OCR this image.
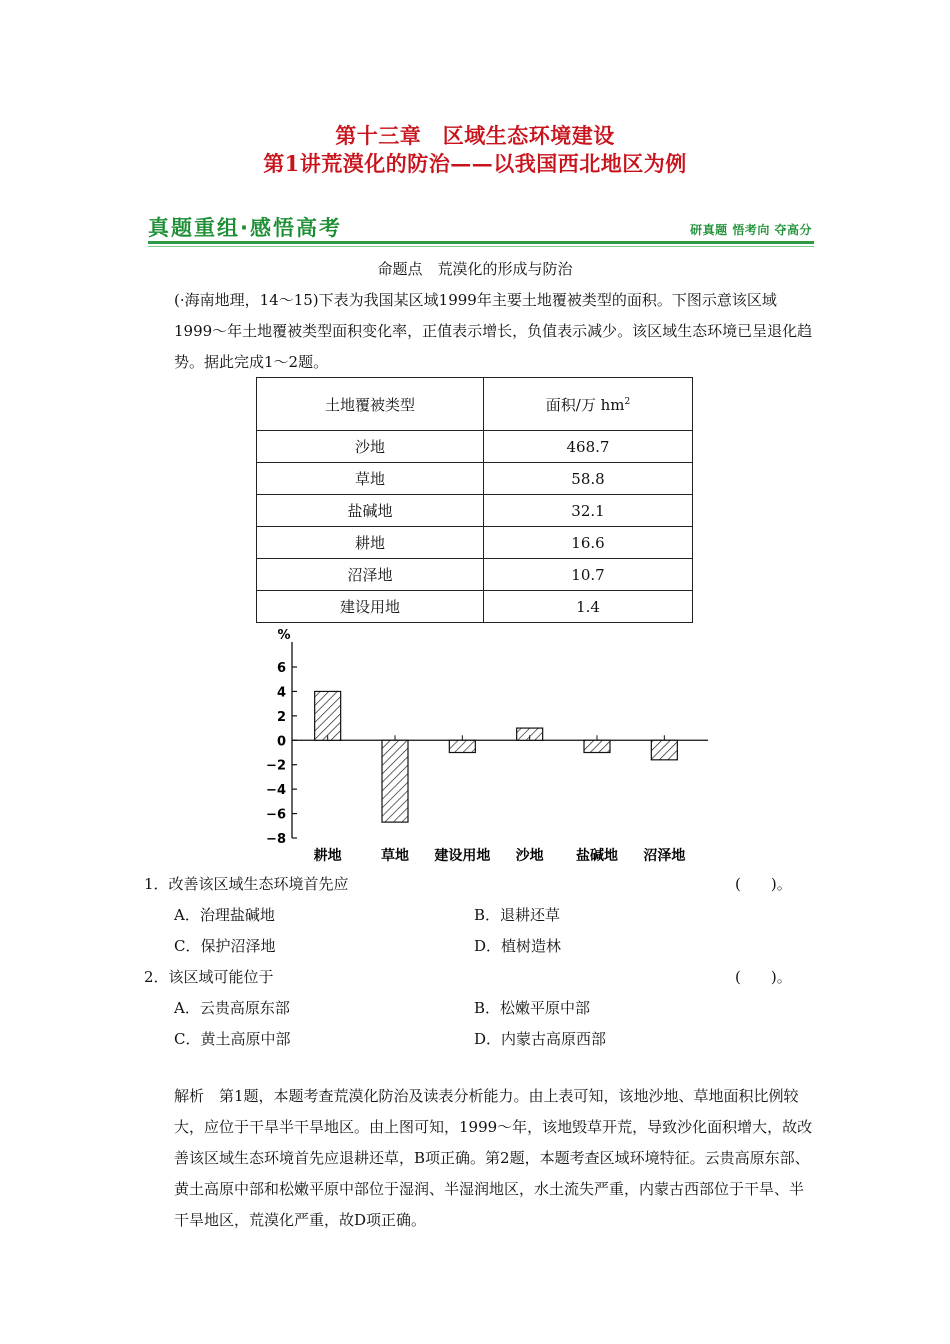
第十三章　区域生态环境建设
第1讲荒漠化的防治——以我国西北地区为例
真题重组·感悟高考	研真题 悟考向 夺高分
命题点　荒漠化的形成与防治
(·海南地理，14～15)下表为我国某区域1999年主要土地覆被类型的面积。下图示意该区域1999～年土地覆被类型面积变化率，正值表示增长，负值表示减少。该区域生态环境已呈退化趋势。据此完成1～2题。
土地覆被类型	面积/万 $hm^2$
沙地	468.7
草地	58.8
盐碱地	32.1
耕地	16.6
沼泽地	10.7
建设用地	1.4
%
6
4
2
0
−2
−4
−6
−8
耕地	草地 建设用地 沙地 盐碱地 沼泽地
1．改善该区域生态环境首先应	(　　)。
A．治理盐碱地	B．退耕还草
C．保护沼泽地	D．植树造林
2．该区域可能位于	(　　)。
A．云贵高原东部	B．松嫩平原中部
C．黄土高原中部	D．内蒙古高原西部
解析　第1题，本题考查荒漠化防治及读表分析能力。由上表可知，该地沙地、草地面积比例较大，应位于干旱半干旱地区。由上图可知，1999～年，该地毁草开荒，导致沙化面积增大，故改善该区域生态环境首先应退耕还草，B项正确。第2题，本题考查区域环境特征。云贵高原东部、黄土高原中部和松嫩平原中部位于湿润、半湿润地区，水土流失严重，内蒙古西部位于干旱、半干旱地区，荒漠化严重，故D项正确。
